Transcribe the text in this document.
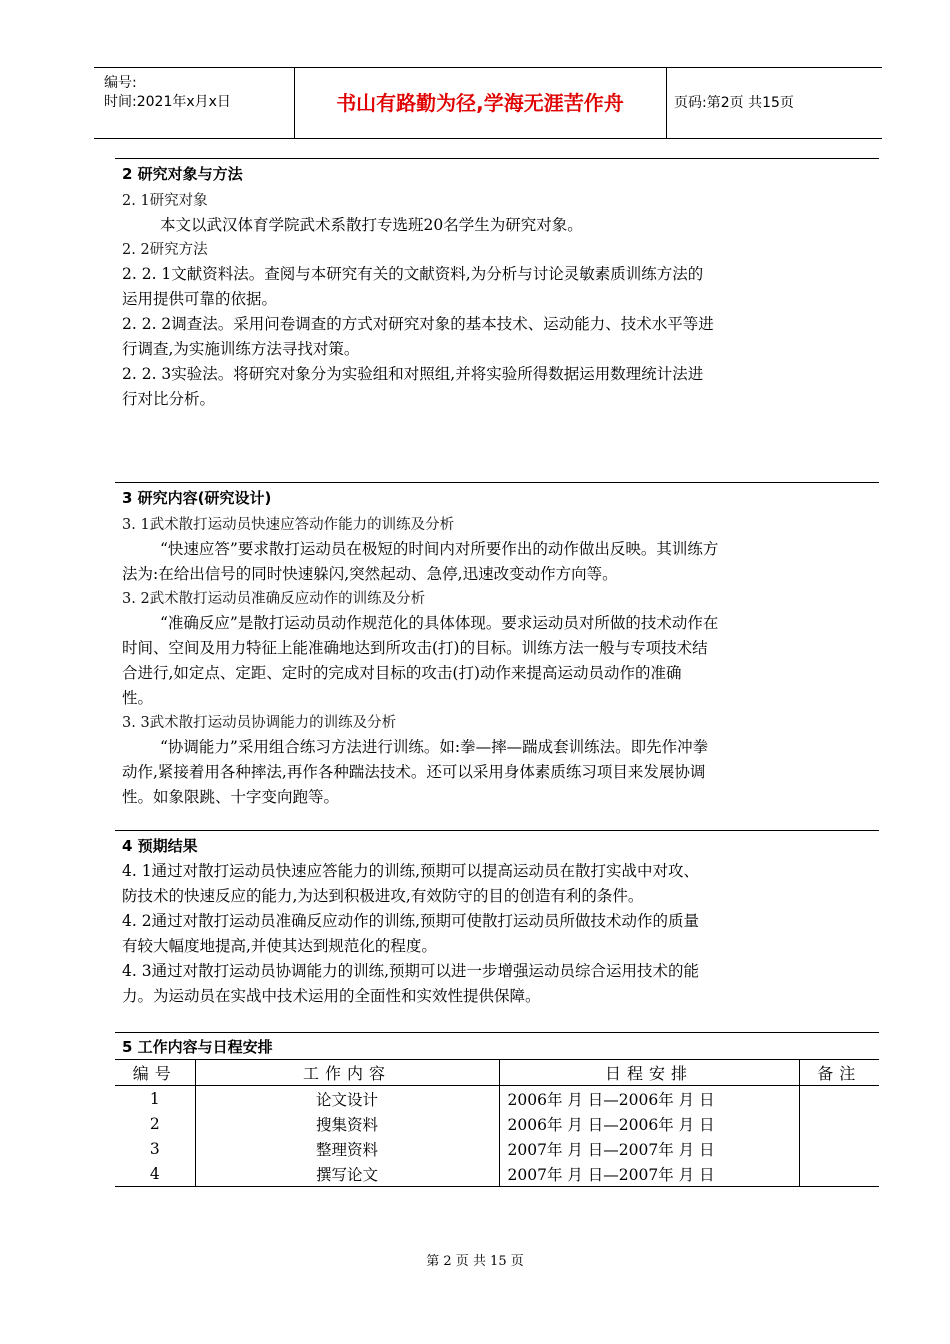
编号:
时间:2021年x月x日	书山有路勤为径,学海无涯苦作舟	页码:第2页 共15页
2 研究对象与方法
2. 1研究对象
本文以武汉体育学院武术系散打专选班20名学生为研究对象。
2. 2研究方法
2. 2. 1文献资料法。查阅与本研究有关的文献资料,为分析与讨论灵敏素质训练方法的
运用提供可靠的依据。
2. 2. 2调查法。采用问卷调查的方式对研究对象的基本技术、运动能力、技术水平等进
行调查,为实施训练方法寻找对策。
2. 2. 3实验法。将研究对象分为实验组和对照组,并将实验所得数据运用数理统计法进
行对比分析。
3 研究内容(研究设计)
3. 1武术散打运动员快速应答动作能力的训练及分析
“快速应答”要求散打运动员在极短的时间内对所要作出的动作做出反映。其训练方
法为:在给出信号的同时快速躲闪,突然起动、急停,迅速改变动作方向等。
3. 2武术散打运动员准确反应动作的训练及分析
“准确反应”是散打运动员动作规范化的具体体现。要求运动员对所做的技术动作在
时间、空间及用力特征上能准确地达到所攻击(打)的目标。训练方法一般与专项技术结
合进行,如定点、定距、定时的完成对目标的攻击(打)动作来提高运动员动作的准确
性。
3. 3武术散打运动员协调能力的训练及分析
“协调能力”采用组合练习方法进行训练。如:拳—摔—踹成套训练法。即先作冲拳
动作,紧接着用各种摔法,再作各种踹法技术。还可以采用身体素质练习项目来发展协调
性。如象限跳、十字变向跑等。
4 预期结果
4. 1通过对散打运动员快速应答能力的训练,预期可以提高运动员在散打实战中对攻、
防技术的快速反应的能力,为达到积极进攻,有效防守的目的创造有利的条件。
4. 2通过对散打运动员准确反应动作的训练,预期可使散打运动员所做技术动作的质量
有较大幅度地提高,并使其达到规范化的程度。
4. 3通过对散打运动员协调能力的训练,预期可以进一步增强运动员综合运用技术的能
力。为运动员在实战中技术运用的全面性和实效性提供保障。
5 工作内容与日程安排
编号	工作内容	日程安排	备注
1	论文设计	2006年 月 日—2006年 月 日	
2	搜集资料	2006年 月 日—2006年 月 日	
3	整理资料	2007年 月 日—2007年 月 日	
4	撰写论文	2007年 月 日—2007年 月 日	
第 2 页 共 15 页
